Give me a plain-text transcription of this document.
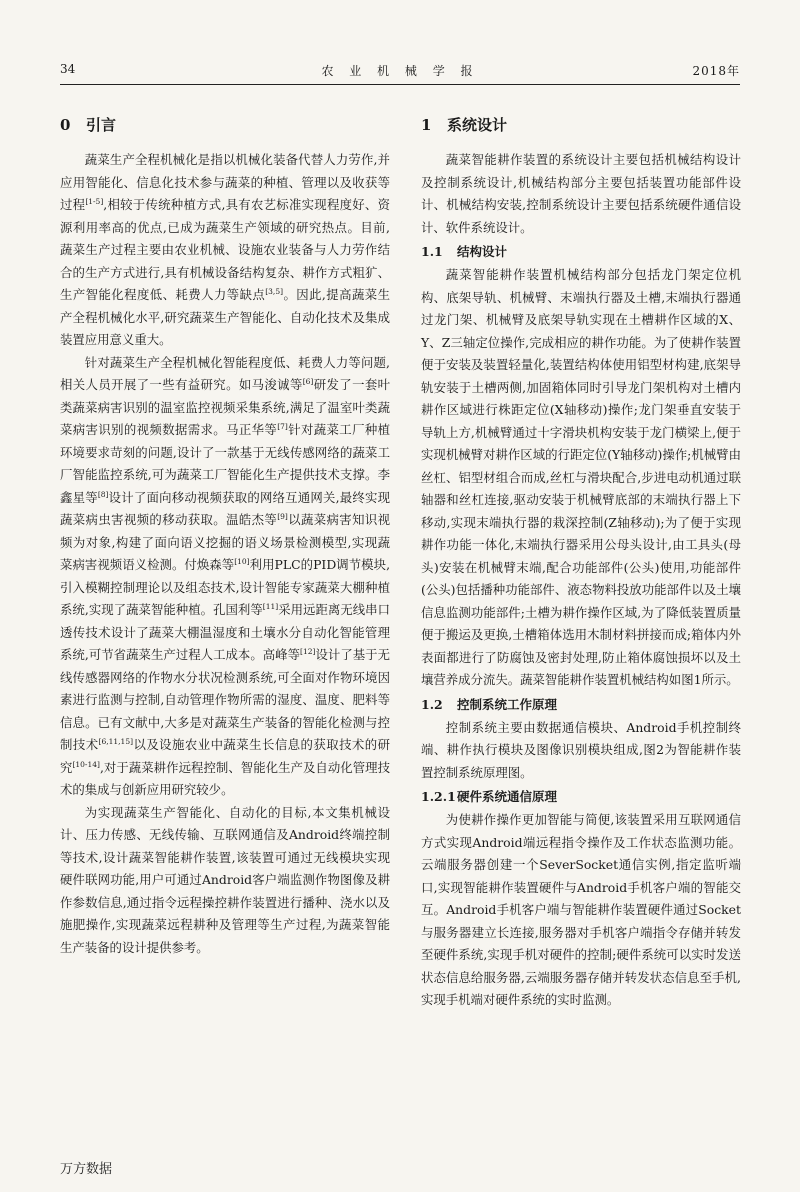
34	农 业 机 械 学 报	2018年
0 引言

蔬菜生产全程机械化是指以机械化装备代替人力劳作,并应用智能化、信息化技术参与蔬菜的种植、管理以及收获等过程[1-5],相较于传统种植方式,具有农艺标准实现程度好、资源利用率高的优点,已成为蔬菜生产领域的研究热点。目前,蔬菜生产过程主要由农业机械、设施农业装备与人力劳作结合的生产方式进行,具有机械设备结构复杂、耕作方式粗犷、生产智能化程度低、耗费人力等缺点[3,5]。因此,提高蔬菜生产全程机械化水平,研究蔬菜生产智能化、自动化技术及集成装置应用意义重大。

针对蔬菜生产全程机械化智能程度低、耗费人力等问题,相关人员开展了一些有益研究。如马浚诚等[6]研发了一套叶类蔬菜病害识别的温室监控视频采集系统,满足了温室叶类蔬菜病害识别的视频数据需求。马正华等[7]针对蔬菜工厂种植环境要求苛刻的问题,设计了一款基于无线传感网络的蔬菜工厂智能监控系统,可为蔬菜工厂智能化生产提供技术支撑。李鑫星等[8]设计了面向移动视频获取的网络互通网关,最终实现蔬菜病虫害视频的移动获取。温皓杰等[9]以蔬菜病害知识视频为对象,构建了面向语义挖掘的语义场景检测模型,实现蔬菜病害视频语义检测。付焕森等[10]利用PLC的PID调节模块,引入模糊控制理论以及组态技术,设计智能专家蔬菜大棚种植系统,实现了蔬菜智能种植。孔国利等[11]采用远距离无线串口透传技术设计了蔬菜大棚温湿度和土壤水分自动化智能管理系统,可节省蔬菜生产过程人工成本。高峰等[12]设计了基于无线传感器网络的作物水分状况检测系统,可全面对作物环境因素进行监测与控制,自动管理作物所需的湿度、温度、肥料等信息。已有文献中,大多是对蔬菜生产装备的智能化检测与控制技术[6,11,15]以及设施农业中蔬菜生长信息的获取技术的研究[10-14],对于蔬菜耕作远程控制、智能化生产及自动化管理技术的集成与创新应用研究较少。

为实现蔬菜生产智能化、自动化的目标,本文集机械设计、压力传感、无线传输、互联网通信及Android终端控制等技术,设计蔬菜智能耕作装置,该装置可通过无线模块实现硬件联网功能,用户可通过Android客户端监测作物图像及耕作参数信息,通过指令远程操控耕作装置进行播种、浇水以及施肥操作,实现蔬菜远程耕种及管理等生产过程,为蔬菜智能生产装备的设计提供参考。

1 系统设计

蔬菜智能耕作装置的系统设计主要包括机械结构设计及控制系统设计,机械结构部分主要包括装置功能部件设计、机械结构安装,控制系统设计主要包括系统硬件通信设计、软件系统设计。

1.1 结构设计

蔬菜智能耕作装置机械结构部分包括龙门架定位机构、底架导轨、机械臂、末端执行器及土槽,末端执行器通过龙门架、机械臂及底架导轨实现在土槽耕作区域的X、Y、Z三轴定位操作,完成相应的耕作功能。为了使耕作装置便于安装及装置轻量化,装置结构体使用铝型材构建,底架导轨安装于土槽两侧,加固箱体同时引导龙门架机构对土槽内耕作区域进行株距定位(X轴移动)操作;龙门架垂直安装于导轨上方,机械臂通过十字滑块机构安装于龙门横梁上,便于实现机械臂对耕作区域的行距定位(Y轴移动)操作;机械臂由丝杠、铝型材组合而成,丝杠与滑块配合,步进电动机通过联轴器和丝杠连接,驱动安装于机械臂底部的末端执行器上下移动,实现末端执行器的栽深控制(Z轴移动);为了便于实现耕作功能一体化,末端执行器采用公母头设计,由工具头(母头)安装在机械臂末端,配合功能部件(公头)使用,功能部件(公头)包括播种功能部件、液态物料投放功能部件以及土壤信息监测功能部件;土槽为耕作操作区域,为了降低装置质量便于搬运及更换,土槽箱体选用木制材料拼接而成;箱体内外表面都进行了防腐蚀及密封处理,防止箱体腐蚀损坏以及土壤营养成分流失。蔬菜智能耕作装置机械结构如图1所示。

1.2 控制系统工作原理

控制系统主要由数据通信模块、Android手机控制终端、耕作执行模块及图像识别模块组成,图2为智能耕作装置控制系统原理图。

1.2.1硬件系统通信原理

为使耕作操作更加智能与简便,该装置采用互联网通信方式实现Android端远程指令操作及工作状态监测功能。云端服务器创建一个SeverSocket通信实例,指定监听端口,实现智能耕作装置硬件与Android手机客户端的智能交互。Android手机客户端与智能耕作装置硬件通过Socket与服务器建立长连接,服务器对手机客户端指令存储并转发至硬件系统,实现手机对硬件的控制;硬件系统可以实时发送状态信息给服务器,云端服务器存储并转发状态信息至手机,实现手机端对硬件系统的实时监测。

万方数据
